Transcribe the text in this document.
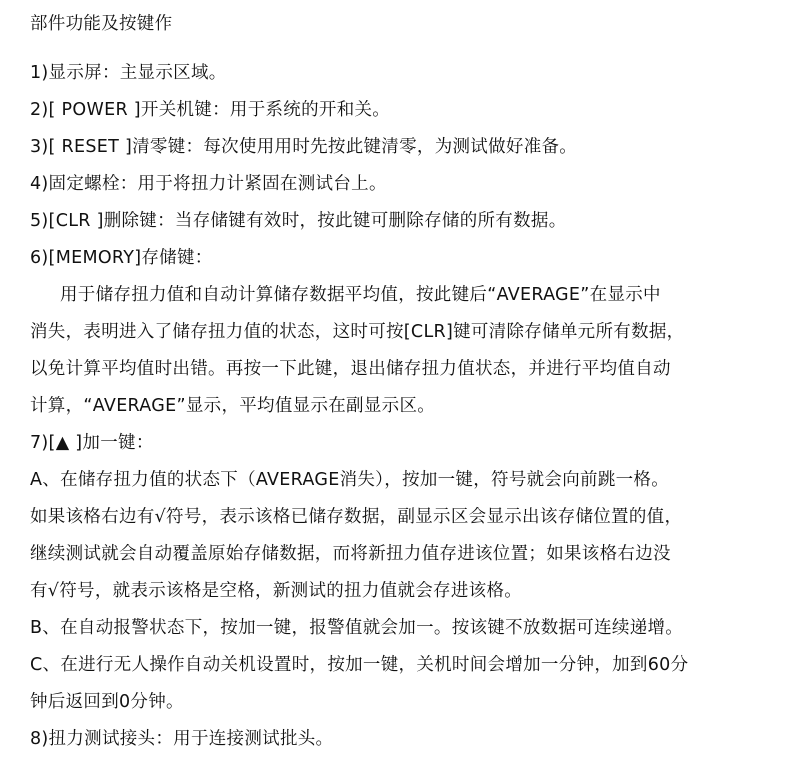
部件功能及按键作
1)显示屏：主显示区域。
2)[ POWER ]开关机键：用于系统的开和关。
3)[ RESET ]清零键：每次使用用时先按此键清零，为测试做好准备。
4)固定螺栓：用于将扭力计紧固在测试台上。
5)[CLR ]删除键：当存储键有效时，按此键可删除存储的所有数据。
6)[MEMORY]存储键：
用于储存扭力值和自动计算储存数据平均值，按此键后“AVERAGE”在显示中
消失，表明进入了储存扭力值的状态，这时可按[CLR]键可清除存储单元所有数据，
以免计算平均值时出错。再按一下此键，退出储存扭力值状态，并进行平均值自动
计算，“AVERAGE”显示，平均值显示在副显示区。
7)[▲ ]加一键：
A、在储存扭力值的状态下（AVERAGE消失），按加一键，符号就会向前跳一格。
如果该格右边有√符号，表示该格已储存数据，副显示区会显示出该存储位置的值，
继续测试就会自动覆盖原始存储数据，而将新扭力值存进该位置；如果该格右边没
有√符号，就表示该格是空格，新测试的扭力值就会存进该格。
B、在自动报警状态下，按加一键，报警值就会加一。按该键不放数据可连续递增。
C、在进行无人操作自动关机设置时，按加一键，关机时间会增加一分钟，加到60分
钟后返回到0分钟。
8)扭力测试接头：用于连接测试批头。
